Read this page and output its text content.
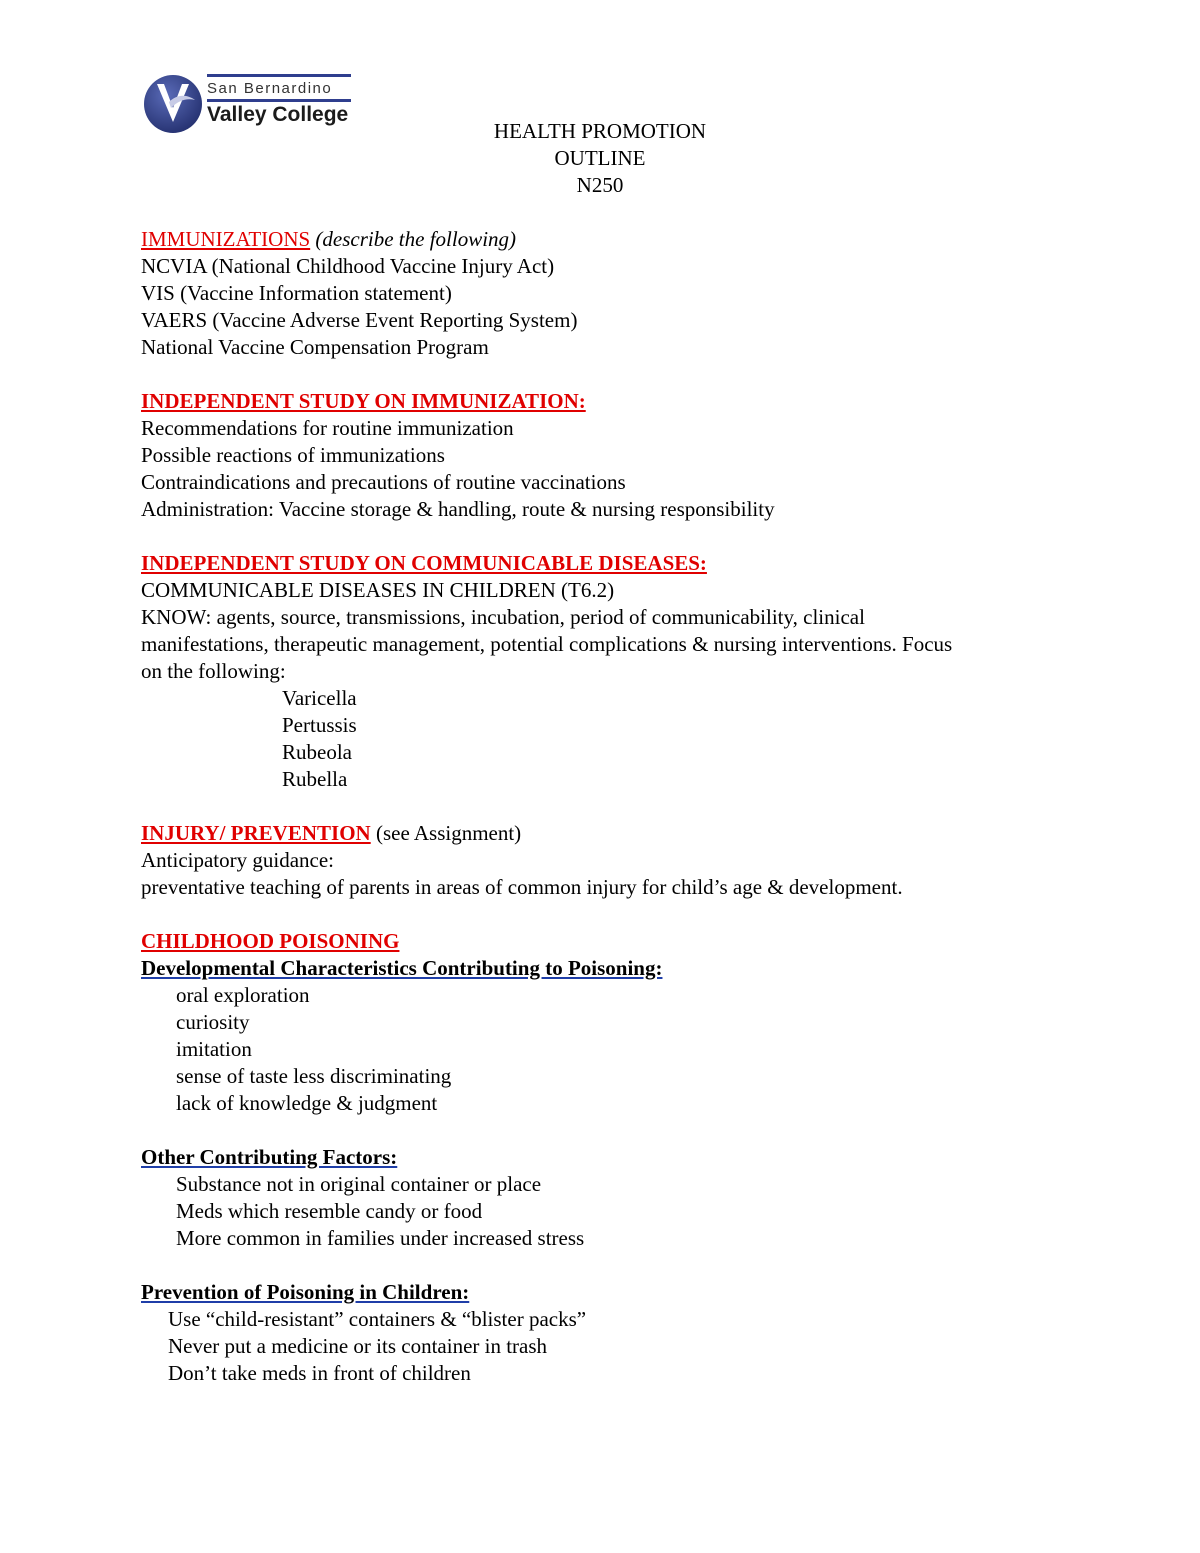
San Bernardino
Valley College
HEALTH PROMOTION
OUTLINE
N250
IMMUNIZATIONS (describe the following)
NCVIA (National Childhood Vaccine Injury Act)
VIS (Vaccine Information statement)
VAERS (Vaccine Adverse Event Reporting System)
National Vaccine Compensation Program
INDEPENDENT STUDY ON IMMUNIZATION:
Recommendations for routine immunization
Possible reactions of immunizations
Contraindications and precautions of routine vaccinations
Administration: Vaccine storage & handling, route & nursing responsibility
INDEPENDENT STUDY ON COMMUNICABLE DISEASES:
COMMUNICABLE DISEASES IN CHILDREN (T6.2)
KNOW: agents, source, transmissions, incubation, period of communicability, clinical
manifestations, therapeutic management, potential complications & nursing interventions. Focus
on the following:
Varicella
Pertussis
Rubeola
Rubella
INJURY/ PREVENTION (see Assignment)
Anticipatory guidance:
preventative teaching of parents in areas of common injury for child’s age & development.
CHILDHOOD POISONING
Developmental Characteristics Contributing to Poisoning:
oral exploration
curiosity
imitation
sense of taste less discriminating
lack of knowledge & judgment
Other Contributing Factors:
Substance not in original container or place
Meds which resemble candy or food
More common in families under increased stress
Prevention of Poisoning in Children:
Use “child-resistant” containers & “blister packs”
Never put a medicine or its container in trash
Don’t take meds in front of children
